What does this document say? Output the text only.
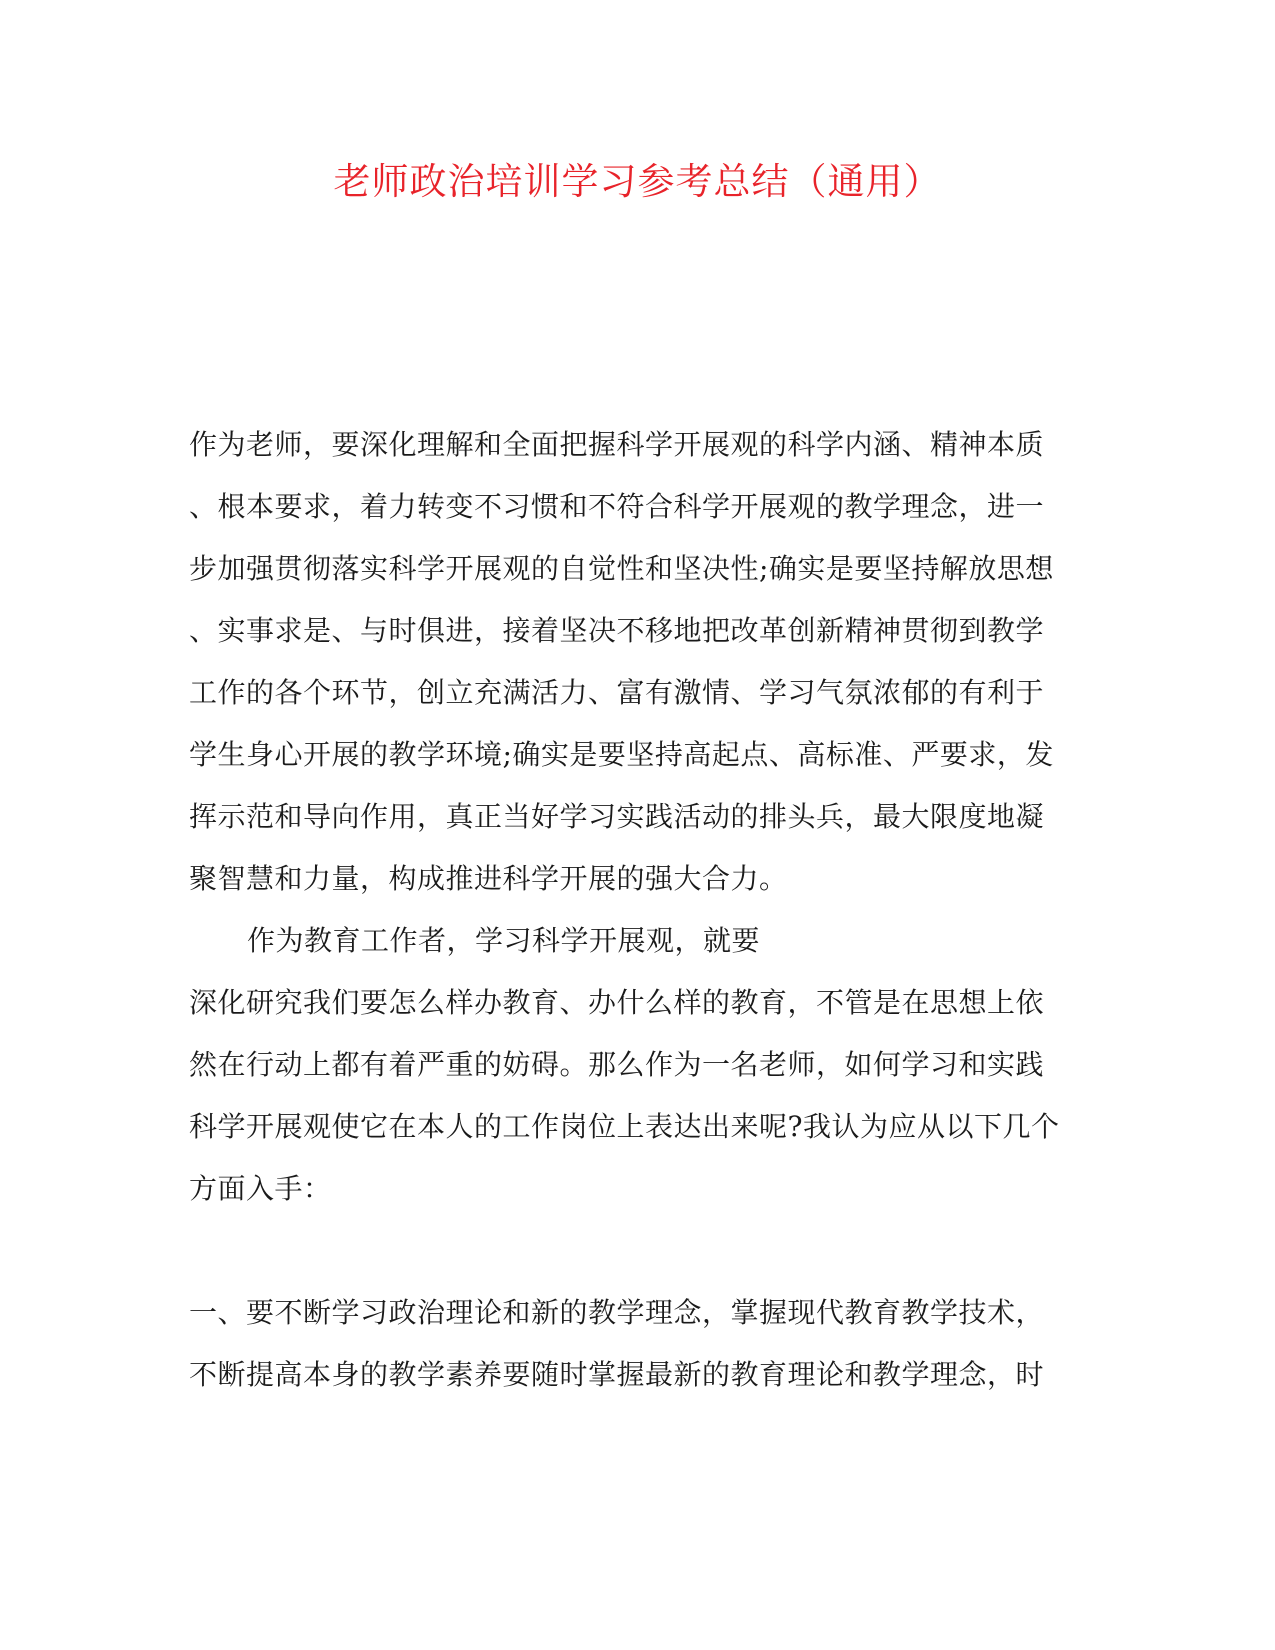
老师政治培训学习参考总结（通用）
作为老师，要深化理解和全面把握科学开展观的科学内涵、精神本质
、根本要求，着力转变不习惯和不符合科学开展观的教学理念，进一
步加强贯彻落实科学开展观的自觉性和坚决性;确实是要坚持解放思想
、实事求是、与时俱进，接着坚决不移地把改革创新精神贯彻到教学
工作的各个环节，创立充满活力、富有激情、学习气氛浓郁的有利于
学生身心开展的教学环境;确实是要坚持高起点、高标准、严要求，发
挥示范和导向作用，真正当好学习实践活动的排头兵，最大限度地凝
聚智慧和力量，构成推进科学开展的强大合力。
作为教育工作者，学习科学开展观，就要
深化研究我们要怎么样办教育、办什么样的教育，不管是在思想上依
然在行动上都有着严重的妨碍。那么作为一名老师，如何学习和实践
科学开展观使它在本人的工作岗位上表达出来呢?我认为应从以下几个
方面入手：
一、要不断学习政治理论和新的教学理念，掌握现代教育教学技术，
不断提高本身的教学素养要随时掌握最新的教育理论和教学理念，时
